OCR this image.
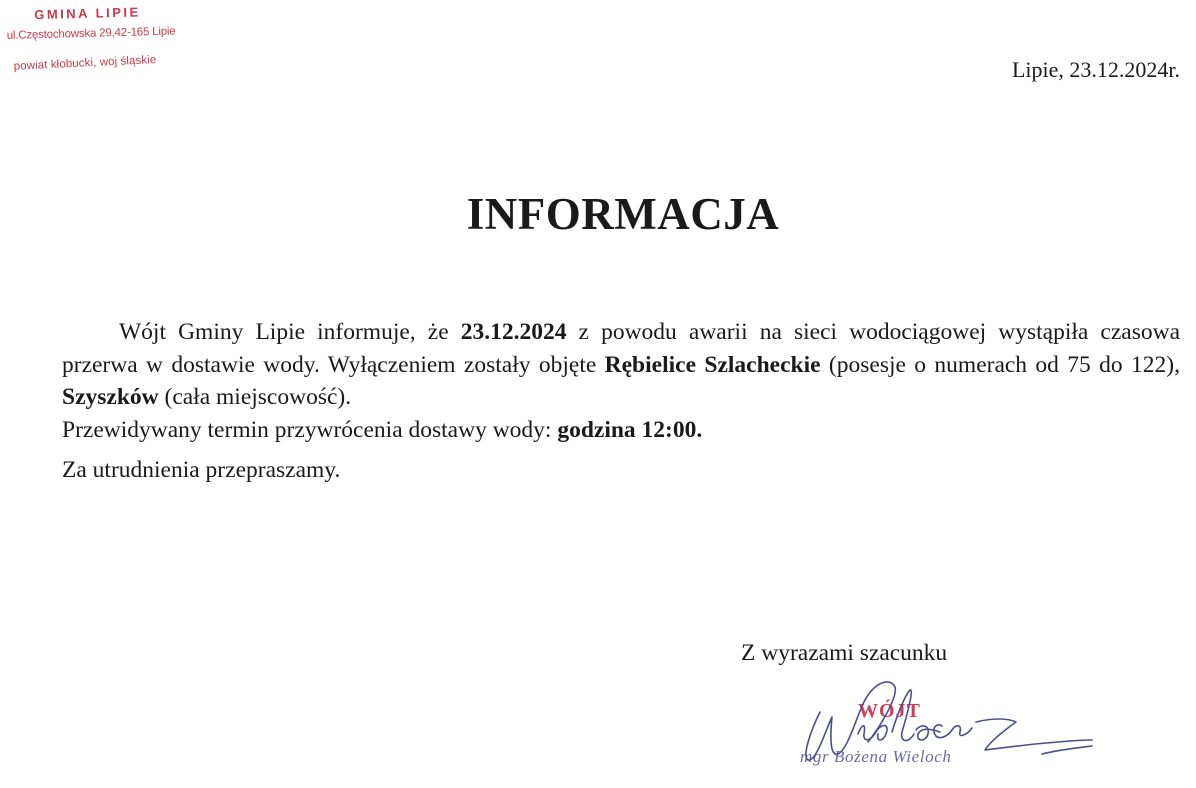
GMINA LIPIE
ul.Częstochowska 29,42-165 Lipie
powiat kłobucki, woj śląskie	Lipie, 23.12.2024r.
INFORMACJA

Wójt Gminy Lipie informuje, że 23.12.2024 z powodu awarii na sieci wodociągowej wystąpiła czasowa przerwa w dostawie wody. Wyłączeniem zostały objęte Rębielice Szlacheckie (posesje o numerach od 75 do 122), Szyszków (cała miejscowość).

Przewidywany termin przywrócenia dostawy wody: godzina 12:00.

Za utrudnienia przepraszamy.

Z wyrazami szacunku
WÓJT
mgr Bożena Wieloch
